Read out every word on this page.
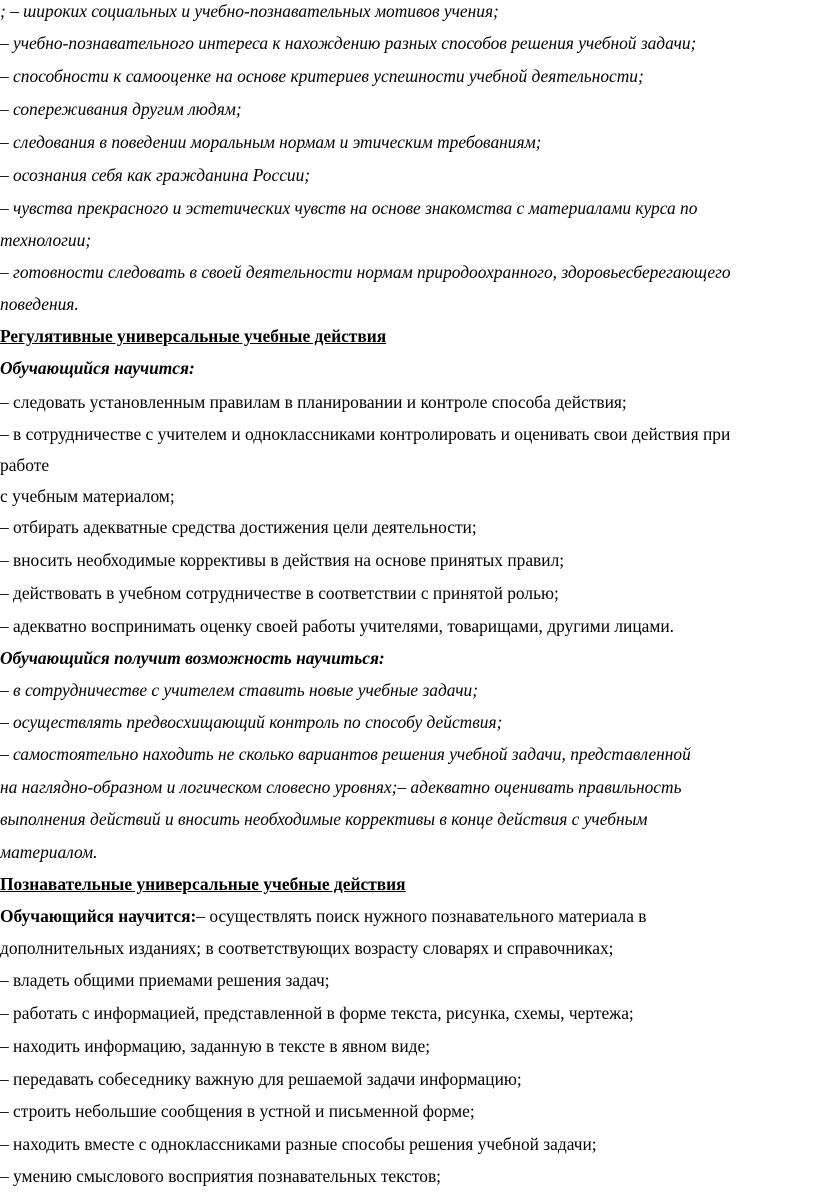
; – широких социальных и учебно-познавательных мотивов учения;
– учебно-познавательного интереса к нахождению разных способов решения учебной задачи;
– способности к самооценке на основе критериев успешности учебной деятельности;
– сопереживания другим людям;
– следования в поведении моральным нормам и этическим требованиям;
– осознания себя как гражданина России;
– чувства прекрасного и эстетических чувств на основе знакомства с материалами курса по
технологии;
– готовности следовать в своей деятельности нормам природоохранного, здоровьесберегающего
поведения.
Регулятивные универсальные учебные действия
Обучающийся научится:
– следовать установленным правилам в планировании и контроле способа действия;
– в сотрудничестве с учителем и одноклассниками контролировать и оценивать свои действия при
работе
с учебным материалом;
– отбирать адекватные средства достижения цели деятельности;
– вносить необходимые коррективы в действия на основе принятых правил;
– действовать в учебном сотрудничестве в соответствии с принятой ролью;
– адекватно воспринимать оценку своей работы учителями, товарищами, другими лицами.
Обучающийся получит возможность научиться:
– в сотрудничестве с учителем ставить новые учебные задачи;
– осуществлять предвосхищающий контроль по способу действия;
– самостоятельно находить не сколько вариантов решения учебной задачи, представленной
на наглядно-образном и логическом словесно уровнях;– адекватно оценивать правильность
выполнения действий и вносить необходимые коррективы в конце действия с учебным
материалом.
Познавательные универсальные учебные действия
Обучающийся научится:– осуществлять поиск нужного познавательного материала в
дополнительных изданиях; в соответствующих возрасту словарях и справочниках;
– владеть общими приемами решения задач;
– работать с информацией, представленной в форме текста, рисунка, схемы, чертежа;
– находить информацию, заданную в тексте в явном виде;
– передавать собеседнику важную для решаемой задачи информацию;
– строить небольшие сообщения в устной и письменной форме;
– находить вместе с одноклассниками разные способы решения учебной задачи;
– умению смыслового восприятия познавательных текстов;
